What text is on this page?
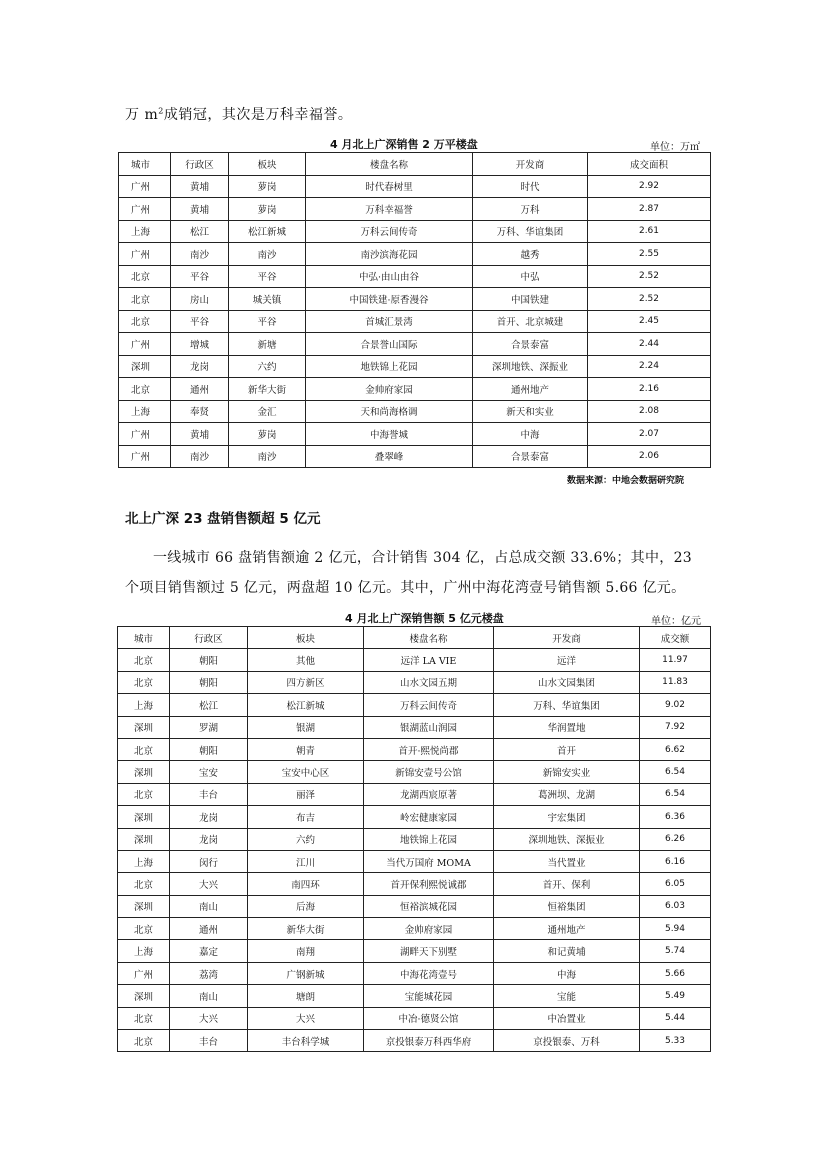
万 $m^2$成销冠，其次是万科幸福誉。
4 月北上广深销售 2 万平楼盘	单位：万㎡
城市	行政区	板块	楼盘名称	开发商	成交面积
广州	黄埔	萝岗	时代春树里	时代	2.92
广州	黄埔	萝岗	万科幸福誉	万科	2.87
上海	松江	松江新城	万科云间传奇	万科、华谊集团	2.61
广州	南沙	南沙	南沙滨海花园	越秀	2.55
北京	平谷	平谷	中弘·由山由谷	中弘	2.52
北京	房山	城关镇	中国铁建·原香漫谷	中国铁建	2.52
北京	平谷	平谷	首城汇景湾	首开、北京城建	2.45
广州	增城	新塘	合景誉山国际	合景泰富	2.44
深圳	龙岗	六约	地铁锦上花园	深圳地铁、深振业	2.24
北京	通州	新华大街	金帅府家园	通州地产	2.16
上海	奉贤	金汇	天和尚海格调	新天和实业	2.08
广州	黄埔	萝岗	中海誉城	中海	2.07
广州	南沙	南沙	叠翠峰	合景泰富	2.06
数据来源：中地会数据研究院
北上广深 23 盘销售额超 5 亿元
一线城市 66 盘销售额逾 2 亿元，合计销售 304 亿，占总成交额 33.6%；其中，23 个项目销售额过 5 亿元，两盘超 10 亿元。其中，广州中海花湾壹号销售额 5.66 亿元。
4 月北上广深销售额 5 亿元楼盘	单位：亿元
城市	行政区	板块	楼盘名称	开发商	成交额
北京	朝阳	其他	远洋 LA VIE	远洋	11.97
北京	朝阳	四方新区	山水文园五期	山水文园集团	11.83
上海	松江	松江新城	万科云间传奇	万科、华谊集团	9.02
深圳	罗湖	银湖	银湖蓝山润园	华润置地	7.92
北京	朝阳	朝青	首开·熙悦尚郡	首开	6.62
深圳	宝安	宝安中心区	新锦安壹号公馆	新锦安实业	6.54
北京	丰台	丽泽	龙湖西宸原著	葛洲坝、龙湖	6.54
深圳	龙岗	布吉	岭宏健康家园	宇宏集团	6.36
深圳	龙岗	六约	地铁锦上花园	深圳地铁、深振业	6.26
上海	闵行	江川	当代万国府 MOMA	当代置业	6.16
北京	大兴	南四环	首开保利熙悦诚郡	首开、保利	6.05
深圳	南山	后海	恒裕滨城花园	恒裕集团	6.03
北京	通州	新华大街	金帅府家园	通州地产	5.94
上海	嘉定	南翔	湖畔天下别墅	和记黄埔	5.74
广州	荔湾	广钢新城	中海花湾壹号	中海	5.66
深圳	南山	塘朗	宝能城花园	宝能	5.49
北京	大兴	大兴	中冶·德贤公馆	中冶置业	5.44
北京	丰台	丰台科学城	京投银泰万科西华府	京投银泰、万科	5.33
